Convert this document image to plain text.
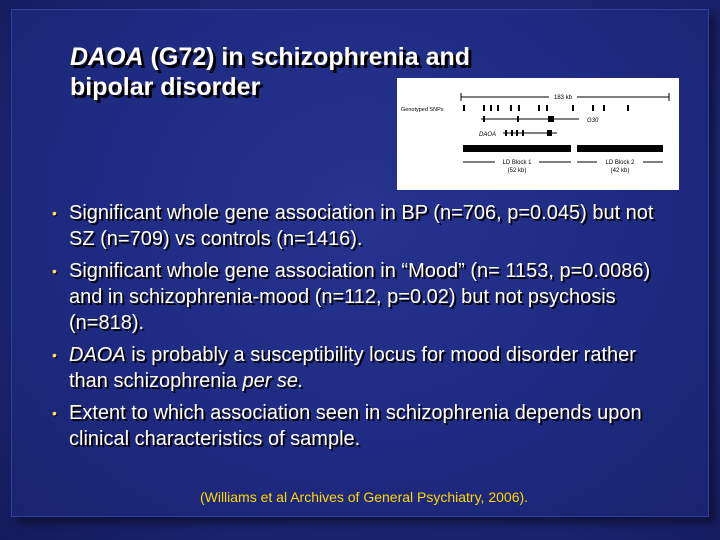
DAOA (G72) in schizophrenia and
bipolar disorder	183 kb
Genotyped SNPs
G30
DAOA
LD Block 1
(52 kb)
LD Block 2
(42 kb)
• Significant whole gene association in BP (n=706, p=0.045) but not SZ (n=709) vs controls (n=1416).
• Significant whole gene association in “Mood” (n= 1153, p=0.0086) and in schizophrenia-mood (n=112, p=0.02) but not psychosis (n=818).
• DAOA is probably a susceptibility locus for mood disorder rather than schizophrenia per se.
• Extent to which association seen in schizophrenia depends upon clinical characteristics of sample.
(Williams et al Archives of General Psychiatry, 2006).
